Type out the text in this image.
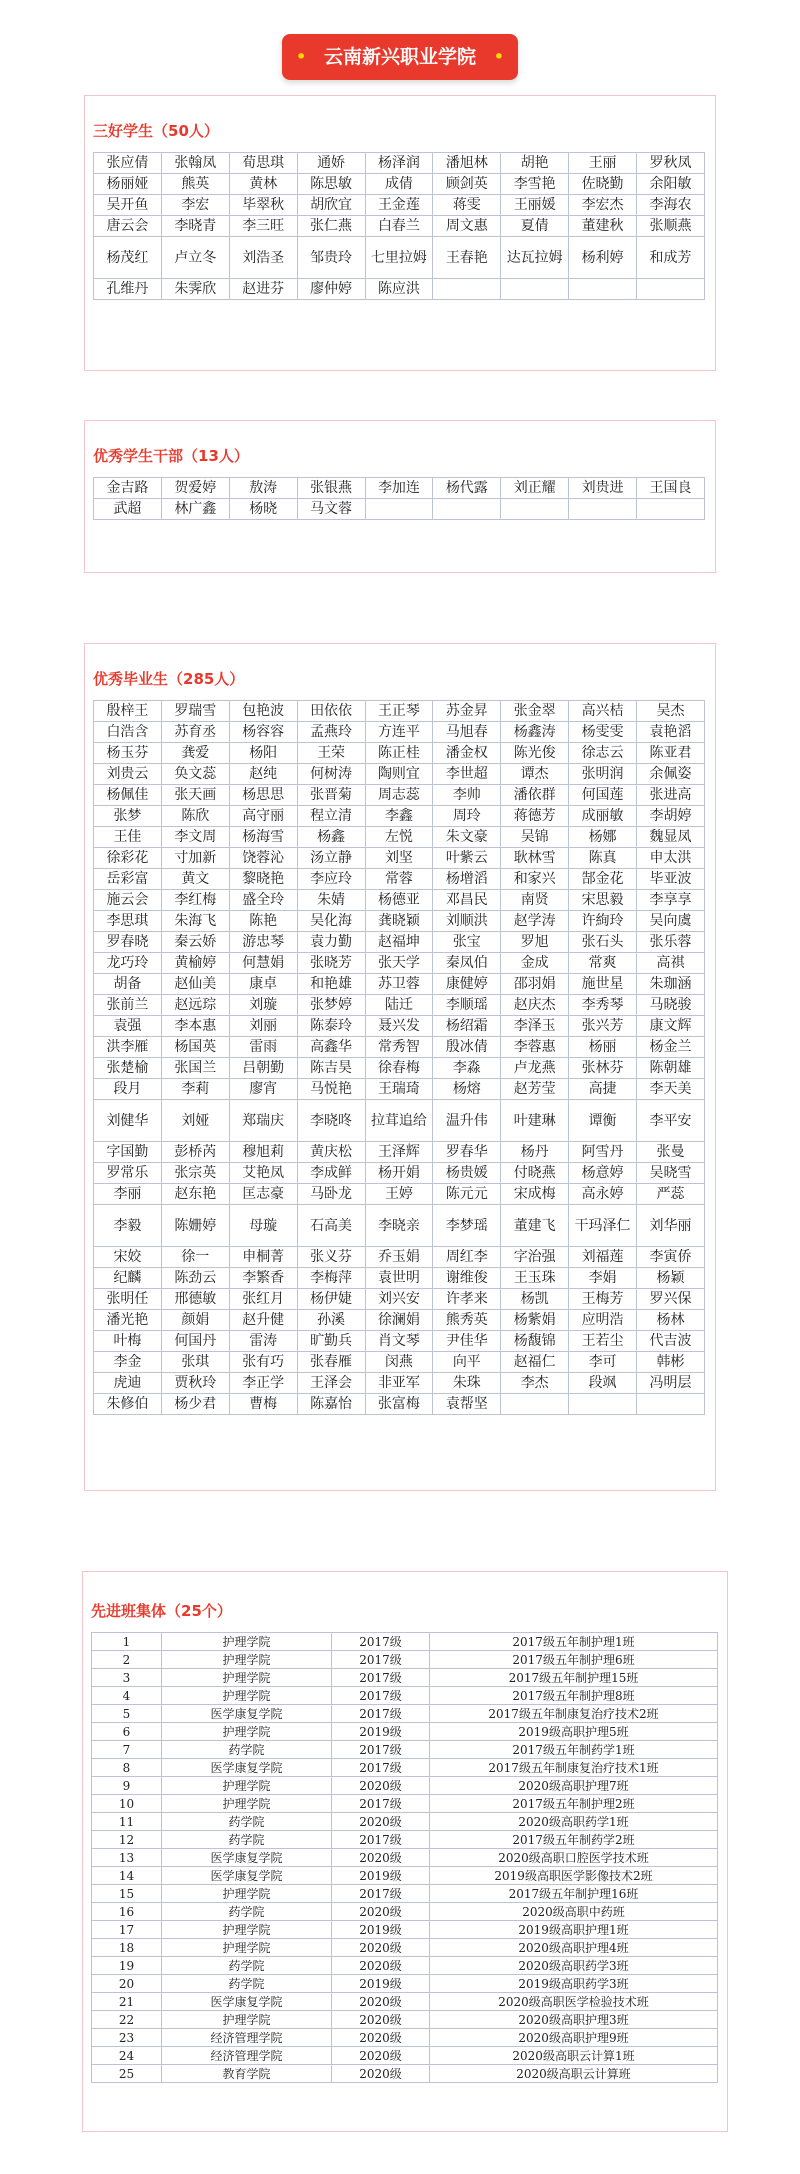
• 云南新兴职业学院 •
三好学生（50人）
张应倩	张翰凤	荀思琪	通娇	杨泽润	潘旭林	胡艳	王丽	罗秋凤
杨丽娅	熊英	黄林	陈思敏	成倩	顾剑英	李雪艳	佐晓勤	余阳敏
吴开鱼	李宏	毕翠秋	胡欣宜	王金莲	蒋雯	王丽媛	李宏杰	李海农
唐云会	李晓青	李三旺	张仁燕	白春兰	周文惠	夏倩	董建秋	张顺燕
杨茂红	卢立冬	刘浩圣	邹贵玲	七里拉姆	王春艳	达瓦拉姆	杨利婷	和成芳
孔维丹	朱霁欣	赵进芬	廖仲婷	陈应洪				
优秀学生干部（13人）
金吉路	贺爱婷	敖涛	张银燕	李加连	杨代露	刘正耀	刘贵进	王国良
武超	林广鑫	杨晓	马文蓉					
优秀毕业生（285人）
殷梓王	罗瑞雪	包艳波	田依依	王正琴	苏金昇	张金翠	高兴桔	吴杰
白浩含	苏育丞	杨容容	孟燕玲	方连平	马旭春	杨鑫涛	杨雯雯	袁艳滔
杨玉芬	龚爱	杨阳	王荣	陈正桂	潘金权	陈光俊	徐志云	陈亚君
刘贵云	奂文蕊	赵纯	何树涛	陶则宜	李世超	谭杰	张明润	余佩姿
杨佩佳	张天画	杨思思	张晋菊	周志蕊	李帅	潘依群	何国莲	张进高
张梦	陈欣	高守丽	程立清	李鑫	周玲	蒋德芳	成丽敏	李胡婷
王佳	李文周	杨海雪	杨鑫	左悦	朱文豪	吴锦	杨娜	魏显凤
徐彩花	寸加新	饶蓉沁	汤立静	刘坚	叶紫云	耿林雪	陈真	申太洪
岳彩富	黄文	黎晓艳	李应玲	常蓉	杨增滔	和家兴	郜金花	毕亚波
施云会	李红梅	盛全玲	朱婧	杨德亚	邓昌民	南贤	宋思毅	李享享
李思琪	朱海飞	陈艳	吴化海	龚晓颖	刘顺洪	赵学涛	许絢玲	吴向虞
罗春晓	秦云娇	游忠琴	袁力勤	赵福坤	张宝	罗旭	张石头	张乐蓉
龙巧玲	黄榆婷	何慧娟	张晓芳	张天学	秦凤伯	金成	常爽	高祺
胡备	赵仙美	康卓	和艳雄	苏卫蓉	康健婷	邵羽娟	施世星	朱珈涵
张前兰	赵远琮	刘璇	张梦婷	陆迁	李顺瑶	赵庆杰	李秀琴	马晓骏
袁强	李本惠	刘丽	陈泰玲	聂兴发	杨绍霜	李泽玉	张兴芳	康文辉
洪李雁	杨国英	雷雨	高鑫华	常秀智	殷冰倩	李蓉惠	杨丽	杨金兰
张楚榆	张国兰	吕朝勤	陈吉昊	徐春梅	李淼	卢龙燕	张林芬	陈朝雄
段月	李莉	廖宵	马悦艳	王瑞琦	杨熔	赵芳莹	高捷	李天美
刘健华	刘娅	郑瑞庆	李晓咚	拉茸追给	温升伟	叶建琳	谭衡	李平安
字国勤	彭桥芮	穆旭莉	黄庆松	王泽辉	罗春华	杨丹	阿雪丹	张曼
罗常乐	张宗英	艾艳凤	李成鲜	杨开娟	杨贵媛	付晓燕	杨意婷	吴晓雪
李丽	赵东艳	匡志豪	马卧龙	王婷	陈元元	宋成梅	高永婷	严蕊
李毅	陈姗婷	母璇	石高美	李晓亲	李梦瑶	董建飞	干玛泽仁	刘华丽
宋姣	徐一	申桐菁	张义芬	乔玉娟	周红李	字治强	刘福莲	李寅侨
纪麟	陈劲云	李繁香	李梅萍	袁世明	谢维俊	王玉珠	李娟	杨颖
张明任	邢德敏	张红月	杨伊婕	刘兴安	许孝来	杨凯	王梅芳	罗兴保
潘光艳	颜娟	赵升健	孙溪	徐澜娟	熊秀英	杨紫娟	应明浩	杨林
叶梅	何国丹	雷涛	旷勤兵	肖文琴	尹佳华	杨馥锦	王若尘	代吉波
李金	张琪	张有巧	张春雁	闵燕	向平	赵福仁	李可	韩彬
虎迪	贾秋玲	李正学	王泽会	非亚军	朱珠	李杰	段飒	冯明层
朱修伯	杨少君	曹梅	陈嘉怡	张富梅	袁帮坚			
先进班集体（25个）
1	护理学院	2017级	2017级五年制护理1班
2	护理学院	2017级	2017级五年制护理6班
3	护理学院	2017级	2017级五年制护理15班
4	护理学院	2017级	2017级五年制护理8班
5	医学康复学院	2017级	2017级五年制康复治疗技术2班
6	护理学院	2019级	2019级高职护理5班
7	药学院	2017级	2017级五年制药学1班
8	医学康复学院	2017级	2017级五年制康复治疗技术1班
9	护理学院	2020级	2020级高职护理7班
10	护理学院	2017级	2017级五年制护理2班
11	药学院	2020级	2020级高职药学1班
12	药学院	2017级	2017级五年制药学2班
13	医学康复学院	2020级	2020级高职口腔医学技术班
14	医学康复学院	2019级	2019级高职医学影像技术2班
15	护理学院	2017级	2017级五年制护理16班
16	药学院	2020级	2020级高职中药班
17	护理学院	2019级	2019级高职护理1班
18	护理学院	2020级	2020级高职护理4班
19	药学院	2020级	2020级高职药学3班
20	药学院	2019级	2019级高职药学3班
21	医学康复学院	2020级	2020级高职医学检验技术班
22	护理学院	2020级	2020级高职护理3班
23	经济管理学院	2020级	2020级高职护理9班
24	经济管理学院	2020级	2020级高职云计算1班
25	教育学院	2020级	2020级高职云计算班
